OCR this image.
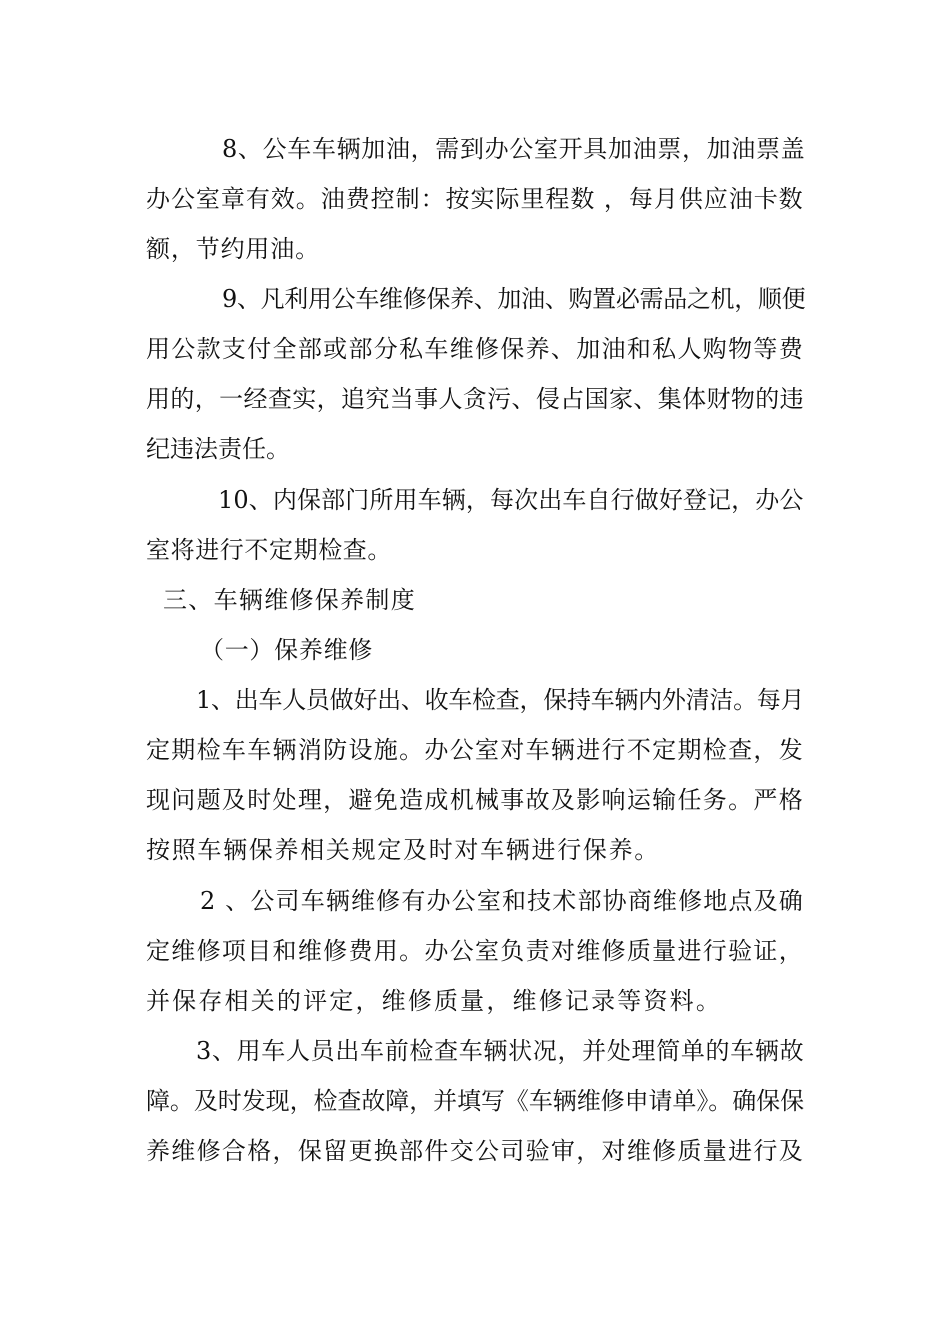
8、公车车辆加油，需到办公室开具加油票，加油票盖
办公室章有效。油费控制：按实际里程数 ，每月供应油卡数
额，节约用油。
9、凡利用公车维修保养、加油、购置必需品之机，顺便
用公款支付全部或部分私车维修保养、加油和私人购物等费
用的，一经查实，追究当事人贪污、侵占国家、集体财物的违
纪违法责任。
10、内保部门所用车辆，每次出车自行做好登记，办公
室将进行不定期检查。
三、车辆维修保养制度
（一）保养维修
1、出车人员做好出、收车检查，保持车辆内外清洁。每月
定期检车车辆消防设施。办公室对车辆进行不定期检查，发
现问题及时处理，避免造成机械事故及影响运输任务。严格
按照车辆保养相关规定及时对车辆进行保养。
2 、公司车辆维修有办公室和技术部协商维修地点及确
定维修项目和维修费用。办公室负责对维修质量进行验证，
并保存相关的评定，维修质量，维修记录等资料。
3、用车人员出车前检查车辆状况，并处理简单的车辆故
障。及时发现，检查故障，并填写《车辆维修申请单》。确保保
养维修合格，保留更换部件交公司验审，对维修质量进行及
